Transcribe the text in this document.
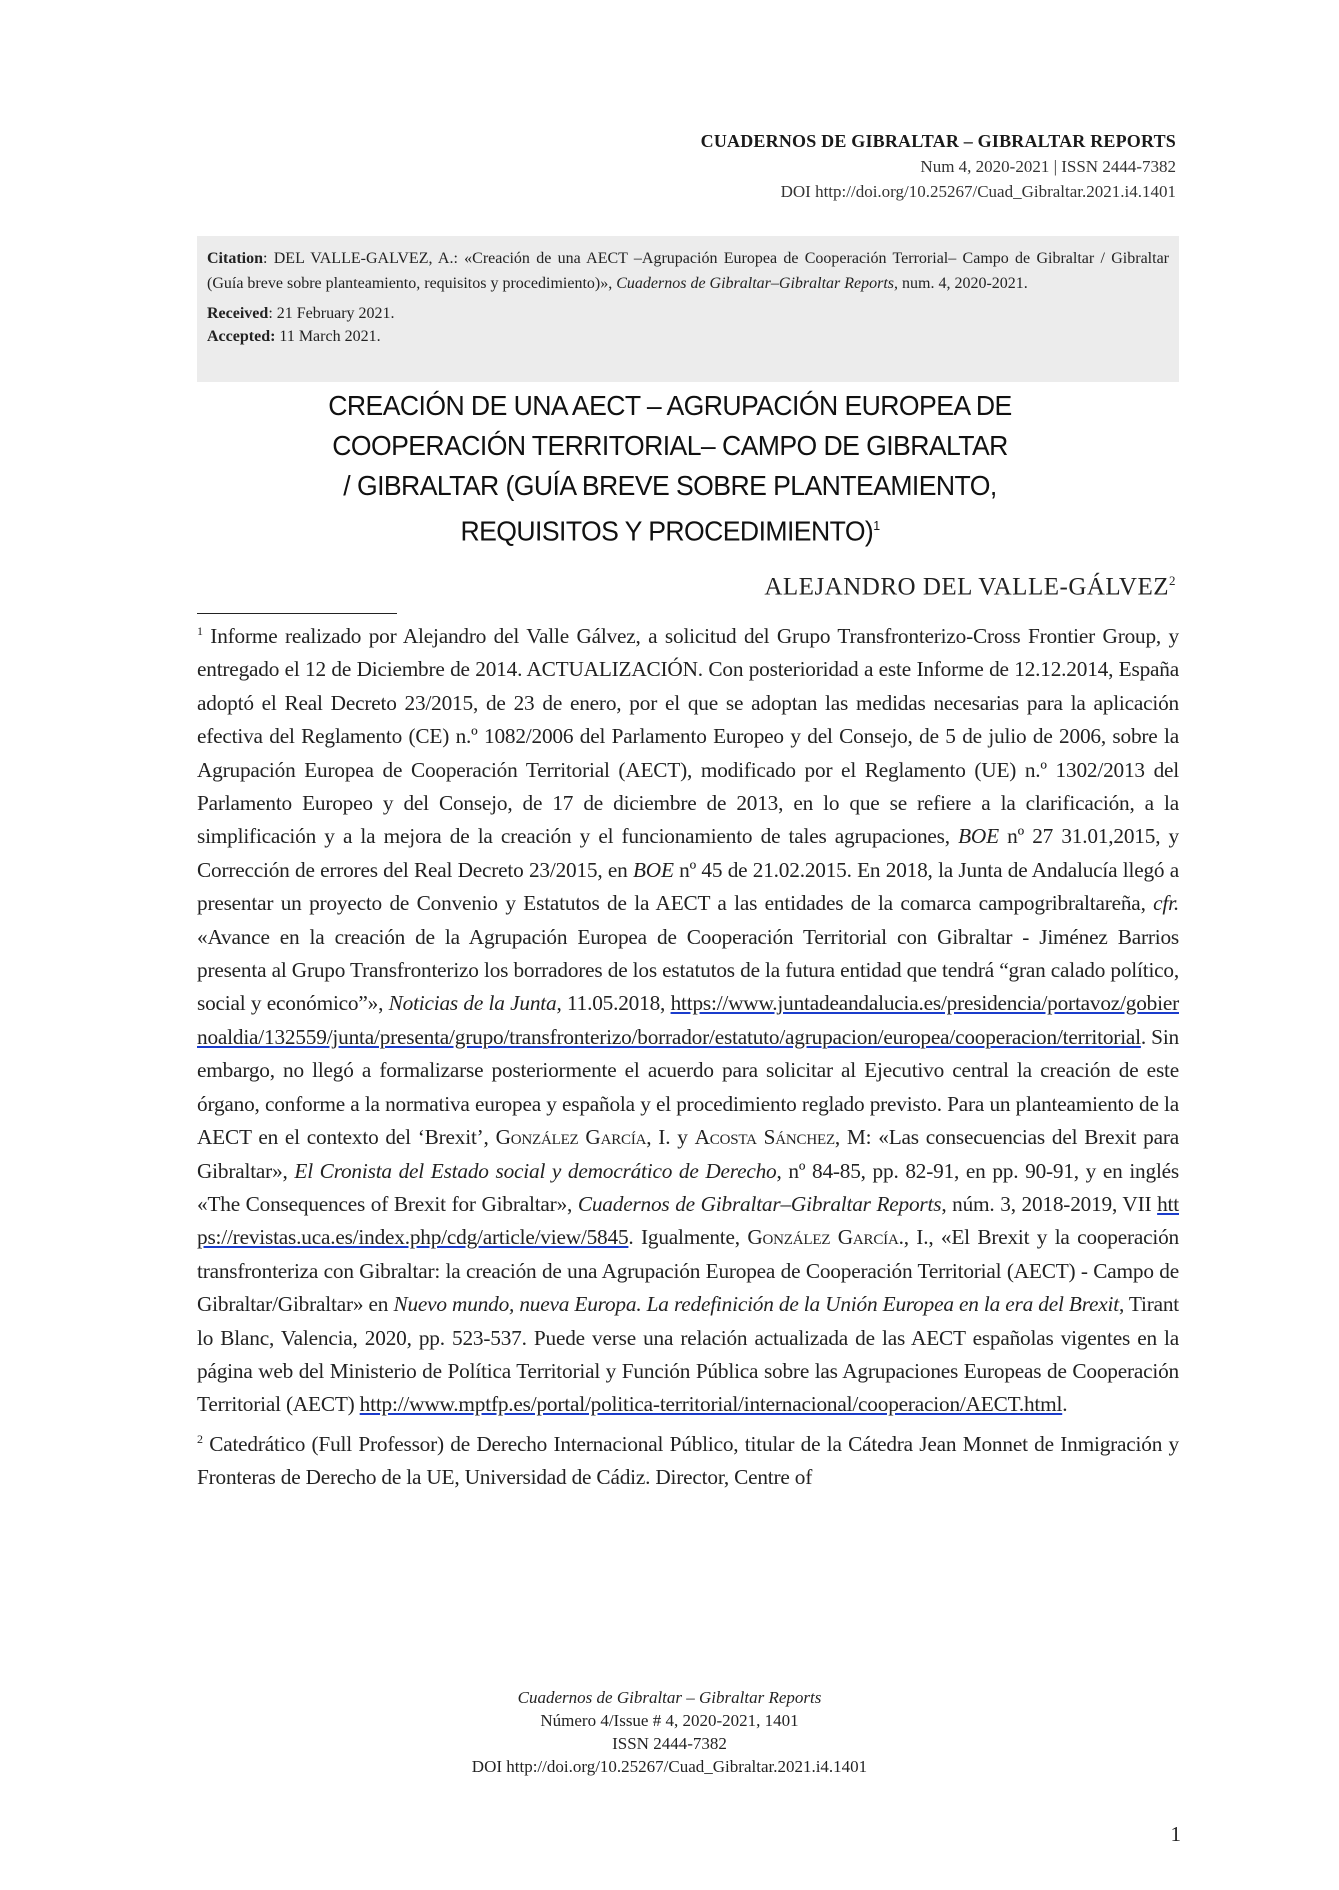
CUADERNOS DE GIBRALTAR – GIBRALTAR REPORTS
Num 4, 2020-2021 | ISSN 2444-7382
DOI http://doi.org/10.25267/Cuad_Gibraltar.2021.i4.1401

Citation: DEL VALLE-GALVEZ, A.: «Creación de una AECT –Agrupación Europea de Cooperación Terrorial– Campo de Gibraltar / Gibraltar (Guía breve sobre planteamiento, requisitos y procedimiento)», Cuadernos de Gibraltar–Gibraltar Reports, num. 4, 2020-2021.

Received: 21 February 2021.
Accepted: 11 March 2021.
CREACIÓN DE UNA AECT – AGRUPACIÓN EUROPEA DE
COOPERACIÓN TERRITORIAL– CAMPO DE GIBRALTAR
/ GIBRALTAR (GUÍA BREVE SOBRE PLANTEAMIENTO,
REQUISITOS Y PROCEDIMIENTO)$^1$
ALEJANDRO DEL VALLE-GÁLVEZ$^2$

$^1$ Informe realizado por Alejandro del Valle Gálvez, a solicitud del Grupo Transfronterizo-Cross Frontier Group, y entregado el 12 de Diciembre de 2014. ACTUALIZACIÓN. Con posterioridad a este Informe de 12.12.2014, España adoptó el Real Decreto 23/2015, de 23 de enero, por el que se adoptan las medidas necesarias para la aplicación efectiva del Reglamento (CE) n.º 1082/2006 del Parlamento Europeo y del Consejo, de 5 de julio de 2006, sobre la Agrupación Europea de Cooperación Territorial (AECT), modificado por el Reglamento (UE) n.º 1302/2013 del Parlamento Europeo y del Consejo, de 17 de diciembre de 2013, en lo que se refiere a la clarificación, a la simplificación y a la mejora de la creación y el funcionamiento de tales agrupaciones, BOE nº 27 31.01,2015, y Corrección de errores del Real Decreto 23/2015, en BOE nº 45 de 21.02.2015. En 2018, la Junta de Andalucía llegó a presentar un proyecto de Convenio y Estatutos de la AECT a las entidades de la comarca campogribraltareña, cfr. «Avance en la creación de la Agrupación Europea de Cooperación Territorial con Gibraltar - Jiménez Barrios presenta al Grupo Transfronterizo los borradores de los estatutos de la futura entidad que tendrá “gran calado político, social y económico”», Noticias de la Junta, 11.05.2018, https://www.juntadeandalucia.es/presidencia/portavoz/gobiernoaldia/132559/junta/presenta/grupo/transfronterizo/borrador/estatuto/agrupacion/europea/cooperacion/territorial. Sin embargo, no llegó a formalizarse posteriormente el acuerdo para solicitar al Ejecutivo central la creación de este órgano, conforme a la normativa europea y española y el procedimiento reglado previsto. Para un planteamiento de la AECT en el contexto del ‘Brexit’, González García, I. y Acosta Sánchez, M: «Las consecuencias del Brexit para Gibraltar», El Cronista del Estado social y democrático de Derecho, nº 84-85, pp. 82-91, en pp. 90-91, y en inglés «The Consequences of Brexit for Gibraltar», Cuadernos de Gibraltar–Gibraltar Reports, núm. 3, 2018-2019, VII https://revistas.uca.es/index.php/cdg/article/view/5845. Igualmente, González García., I., «El Brexit y la cooperación transfronteriza con Gibraltar: la creación de una Agrupación Europea de Cooperación Territorial (AECT) - Campo de Gibraltar/Gibraltar» en Nuevo mundo, nueva Europa. La redefinición de la Unión Europea en la era del Brexit, Tirant lo Blanc, Valencia, 2020, pp. 523-537. Puede verse una relación actualizada de las AECT españolas vigentes en la página web del Ministerio de Política Territorial y Función Pública sobre las Agrupaciones Europeas de Cooperación Territorial (AECT) http://www.mptfp.es/portal/politica-territorial/internacional/cooperacion/AECT.html.

$^2$ Catedrático (Full Professor) de Derecho Internacional Público, titular de la Cátedra Jean Monnet de Inmigración y Fronteras de Derecho de la UE, Universidad de Cádiz. Director, Centre of

Cuadernos de Gibraltar – Gibraltar Reports
Número 4/Issue # 4, 2020-2021, 1401
ISSN 2444-7382
DOI http://doi.org/10.25267/Cuad_Gibraltar.2021.i4.1401
1
